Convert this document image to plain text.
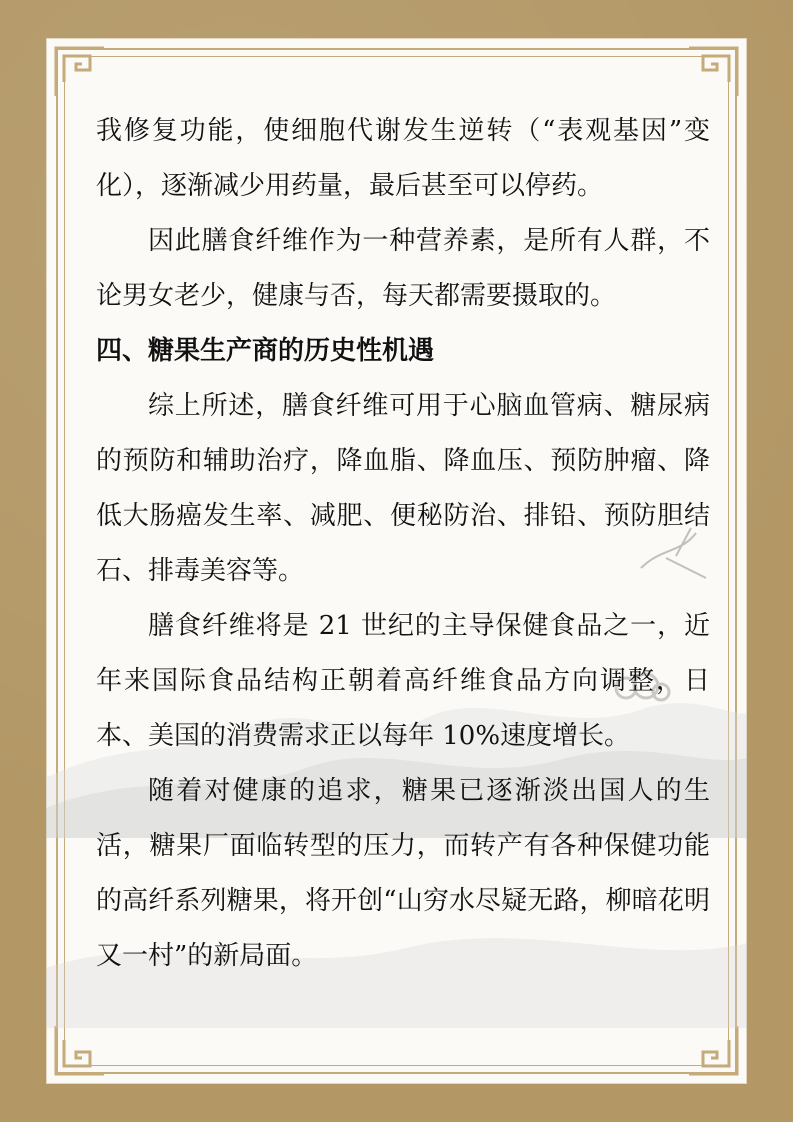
我修复功能，使细胞代谢发生逆转（“表观基因”变化），逐渐减少用药量，最后甚至可以停药。

因此膳食纤维作为一种营养素，是所有人群，不论男女老少，健康与否，每天都需要摄取的。

四、糖果生产商的历史性机遇

综上所述，膳食纤维可用于心脑血管病、糖尿病的预防和辅助治疗，降血脂、降血压、预防肿瘤、降低大肠癌发生率、减肥、便秘防治、排铅、预防胆结石、排毒美容等。

膳食纤维将是 21 世纪的主导保健食品之一，近年来国际食品结构正朝着高纤维食品方向调整，日本、美国的消费需求正以每年 10%速度增长。

随着对健康的追求，糖果已逐渐淡出国人的生活，糖果厂面临转型的压力，而转产有各种保健功能的高纤系列糖果，将开创“山穷水尽疑无路，柳暗花明又一村”的新局面。
